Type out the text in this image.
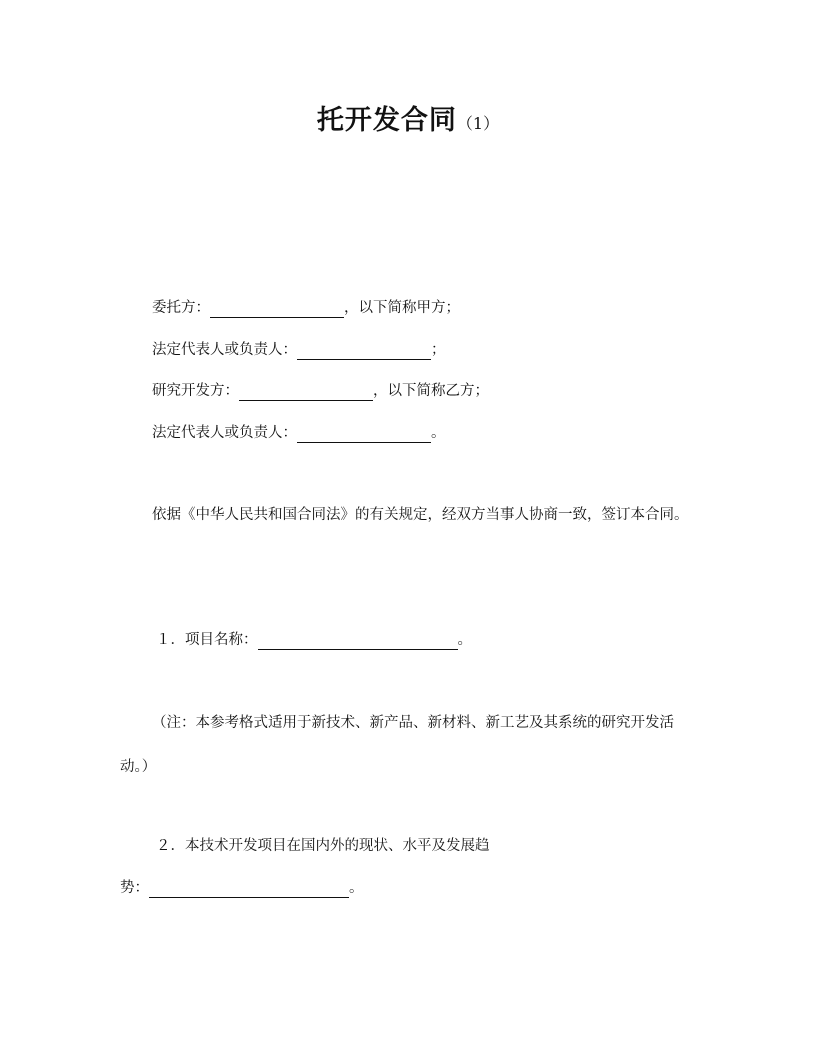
托开发合同（1）
委托方：	，以下简称甲方；
法定代表人或负责人：	；
研究开发方：	，以下简称乙方；
法定代表人或负责人：	。
依据《中华人民共和国合同法》的有关规定，经双方当事人协商一致，签订本合同。
１．项目名称：	。
（注：本参考格式适用于新技术、新产品、新材料、新工艺及其系统的研究开发活动。）
２．本技术开发项目在国内外的现状、水平及发展趋
势：	。
